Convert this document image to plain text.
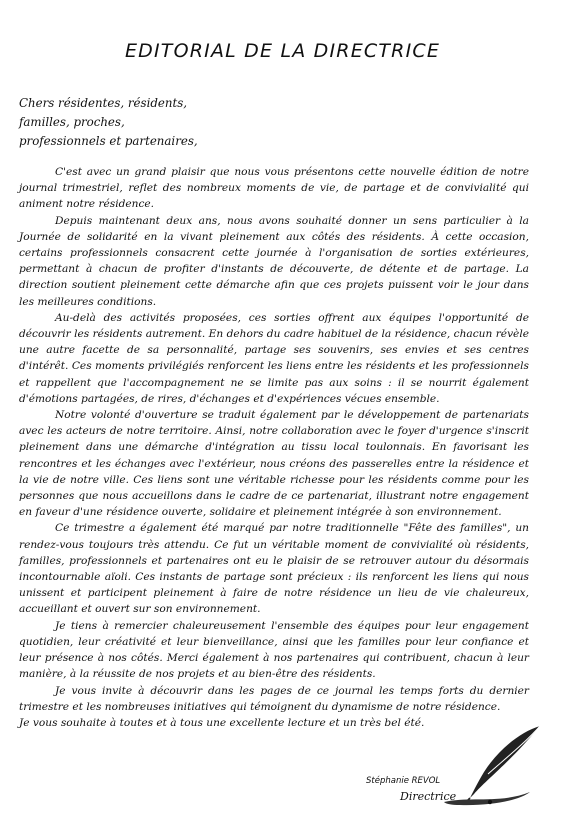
EDITORIAL DE LA DIRECTRICE
Chers résidentes, résidents,
familles, proches,
professionnels et partenaires,

C'est avec un grand plaisir que nous vous présentons cette nouvelle édition de notre journal trimestriel, reflet des nombreux moments de vie, de partage et de convivialité qui animent notre résidence.

Depuis maintenant deux ans, nous avons souhaité donner un sens particulier à la Journée de solidarité en la vivant pleinement aux côtés des résidents. À cette occasion, certains professionnels consacrent cette journée à l'organisation de sorties extérieures, permettant à chacun de profiter d'instants de découverte, de détente et de partage. La direction soutient pleinement cette démarche afin que ces projets puissent voir le jour dans les meilleures conditions.

Au-delà des activités proposées, ces sorties offrent aux équipes l'opportunité de découvrir les résidents autrement. En dehors du cadre habituel de la résidence, chacun révèle une autre facette de sa personnalité, partage ses souvenirs, ses envies et ses centres d'intérêt. Ces moments privilégiés renforcent les liens entre les résidents et les professionnels et rappellent que l'accompagnement ne se limite pas aux soins : il se nourrit également d'émotions partagées, de rires, d'échanges et d'expériences vécues ensemble.

Notre volonté d'ouverture se traduit également par le développement de partenariats avec les acteurs de notre territoire. Ainsi, notre collaboration avec le foyer d'urgence s'inscrit pleinement dans une démarche d'intégration au tissu local toulonnais. En favorisant les rencontres et les échanges avec l'extérieur, nous créons des passerelles entre la résidence et la vie de notre ville. Ces liens sont une véritable richesse pour les résidents comme pour les personnes que nous accueillons dans le cadre de ce partenariat, illustrant notre engagement en faveur d'une résidence ouverte, solidaire et pleinement intégrée à son environnement.

Ce trimestre a également été marqué par notre traditionnelle "Fête des familles", un rendez-vous toujours très attendu. Ce fut un véritable moment de convivialité où résidents, familles, professionnels et partenaires ont eu le plaisir de se retrouver autour du désormais incontournable aïoli. Ces instants de partage sont précieux : ils renforcent les liens qui nous unissent et participent pleinement à faire de notre résidence un lieu de vie chaleureux, accueillant et ouvert sur son environnement.

Je tiens à remercier chaleureusement l'ensemble des équipes pour leur engagement quotidien, leur créativité et leur bienveillance, ainsi que les familles pour leur confiance et leur présence à nos côtés. Merci également à nos partenaires qui contribuent, chacun à leur manière, à la réussite de nos projets et au bien-être des résidents.

Je vous invite à découvrir dans les pages de ce journal les temps forts du dernier trimestre et les nombreuses initiatives qui témoignent du dynamisme de notre résidence.

Je vous souhaite à toutes et à tous une excellente lecture et un très bel été.

Stéphanie REVOL
Directrice
